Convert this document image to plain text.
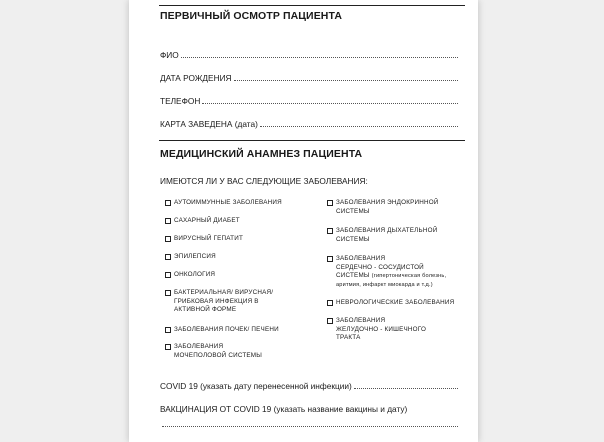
ПЕРВИЧНЫЙ ОСМОТР ПАЦИЕНТА
ФИО
ДАТА РОЖДЕНИЯ
ТЕЛЕФОН
КАРТА ЗАВЕДЕНА (дата)
МЕДИЦИНСКИЙ АНАМНЕЗ ПАЦИЕНТА
ИМЕЮТСЯ ЛИ У ВАС СЛЕДУЮЩИЕ ЗАБОЛЕВАНИЯ:
АУТОИММУННЫЕ ЗАБОЛЕВАНИЯ
САХАРНЫЙ ДИАБЕТ
ВИРУСНЫЙ ГЕПАТИТ
ЭПИЛЕПСИЯ
ОНКОЛОГИЯ
БАКТЕРИАЛЬНАЯ/ ВИРУСНАЯ/
ГРИБКОВАЯ ИНФЕКЦИЯ В
АКТИВНОЙ ФОРМЕ
ЗАБОЛЕВАНИЯ ПОЧЕК/ ПЕЧЕНИ
ЗАБОЛЕВАНИЯ
МОЧЕПОЛОВОЙ СИСТЕМЫ
ЗАБОЛЕВАНИЯ ЭНДОКРИННОЙ
СИСТЕМЫ
ЗАБОЛЕВАНИЯ ДЫХАТЕЛЬНОЙ
СИСТЕМЫ
ЗАБОЛЕВАНИЯ
СЕРДЕЧНО - СОСУДИСТОЙ
СИСТЕМЫ (гипертоническая болезнь,
аритмия, инфаркт миокарда и т.д.)
НЕВРОЛОГИЧЕСКИЕ ЗАБОЛЕВАНИЯ
ЗАБОЛЕВАНИЯ
ЖЕЛУДОЧНО - КИШЕЧНОГО
ТРАКТА
COVID 19 (указать дату перенесенной инфекции)
ВАКЦИНАЦИЯ ОТ COVID 19 (указать название вакцины и дату)
